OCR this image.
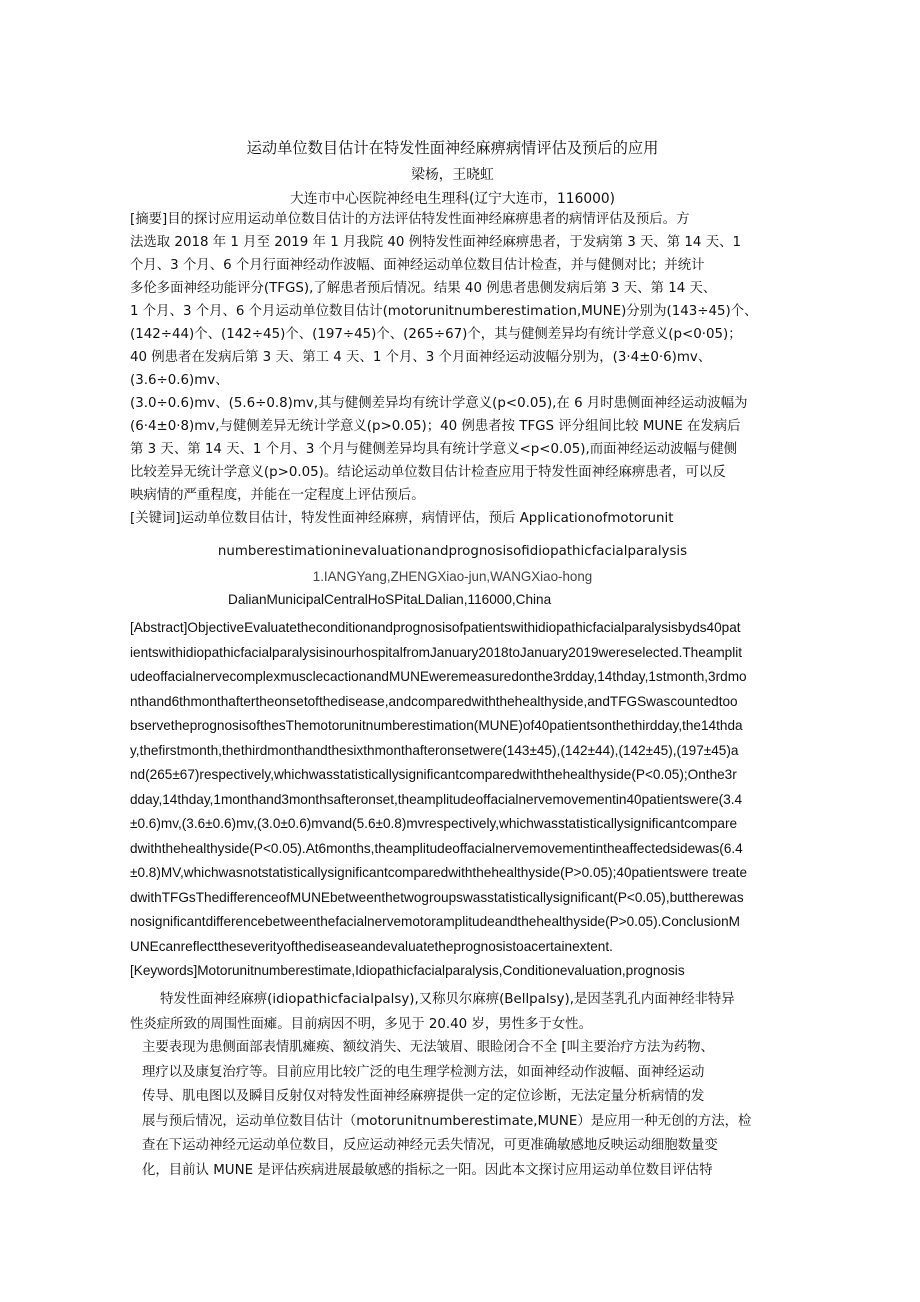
运动单位数目估计在特发性面神经麻痹病情评估及预后的应用
梁杨，王晓虹
大连市中心医院神经电生理科(辽宁大连市，116000)

[摘要]目的探讨应用运动单位数目估计的方法评估特发性面神经麻痹患者的病情评估及预后。方

法选取 2018 年 1 月至 2019 年 1 月我院 40 例特发性面神经麻痹患者，于发病第 3 天、第 14 天、1

个月、3 个月、6 个月行面神经动作波幅、面神经运动单位数目估计检查，并与健侧对比；并统计

多伦多面神经功能评分(TFGS),了解患者预后情况。结果 40 例患者患侧发病后第 3 天、第 14 天、

1 个月、3 个月、6 个月运动单位数目估计(motorunitnumberestimation,MUNE)分别为(143÷45)个、

(142÷44)个、(142÷45)个、(197÷45)个、(265÷67)个，其与健侧差异均有统计学意义(p<0·05)；

40 例患者在发病后第 3 天、第工 4 天、1 个月、3 个月面神经运动波幅分别为，(3·4±0·6)mv、

(3.6÷0.6)mv、

(3.0÷0.6)mv、(5.6÷0.8)mv,其与健侧差异均有统计学意义(p<0.05),在 6 月时患侧面神经运动波幅为

(6·4±0·8)mv,与健侧差异无统计学意义(p>0.05)；40 例患者按 TFGS 评分组间比较 MUNE 在发病后

第 3 天、第 14 天、1 个月、3 个月与健侧差异均具有统计学意义<p<0.05),而面神经运动波幅与健侧

比较差异无统计学意义(p>0.05)。结论运动单位数目估计检查应用于特发性面神经麻痹患者，可以反

映病情的严重程度，并能在一定程度上评估预后。

[关键词]运动单位数目估计，特发性面神经麻痹，病情评估，预后 Applicationofmotorunit

numberestimationinevaluationandprognosisofidiopathicfacialparalysis
1.IANGYang,ZHENGXiao-jun,WANGXiao-hong
DalianMunicipalCentralHoSPitaLDalian,116000,China

[Abstract]ObjectiveEvaluatetheconditionandprognosisofpatientswithidiopathicfacialparalysisbyds40pat

ientswithidiopathicfacialparalysisinourhospitalfromJanuary2018toJanuary2019wereselected.Theamplit

udeoffacialnervecomplexmusclecactionandMUNEweremeasuredonthe3rdday,14thday,1stmonth,3rdmo

nthand6thmonthaftertheonsetofthedisease,andcomparedwiththehealthyside,andTFGSwascountedtoo

bservetheprognosisofthesThemotorunitnumberestimation(MUNE)of40patientsonthethirdday,the14thda

y,thefirstmonth,thethirdmonthandthesixthmonthafteronsetwere(143±45),(142±44),(142±45),(197±45)a

nd(265±67)respectively,whichwasstatisticallysignificantcomparedwiththehealthyside(P<0.05);Onthe3r

dday,14thday,1monthand3monthsafteronset,theamplitudeoffacialnervemovementin40patientswere(3.4

±0.6)mv,(3.6±0.6)mv,(3.0±0.6)mvand(5.6±0.8)mvrespectively,whichwasstatisticallysignificantcompare

dwiththehealthyside(P<0.05).At6months,theamplitudeoffacialnervemovementintheaffectedsidewas(6.4

±0.8)MV,whichwasnotstatisticallysignificantcomparedwiththehealthyside(P>0.05);40patientswere treate

dwithTFGsThedifferenceofMUNEbetweenthetwogroupswasstatisticallysignificant(P<0.05),buttherewas

nosignificantdifferencebetweenthefacialnervemotoramplitudeandthehealthyside(P>0.05).ConclusionM

UNEcanreflecttheseverityofthediseaseandevaluatetheprognosistoacertainextent.

[Keywords]Motorunitnumberestimate,Idiopathicfacialparalysis,Conditionevaluation,prognosis

特发性面神经麻痹(idiopathicfacialpalsy),又称贝尔麻痹(Bellpalsy),是因茎乳孔内面神经非特异

性炎症所致的周围性面瘫。目前病因不明，多见于 20.40 岁，男性多于女性。

主要表现为患侧面部表情肌瘫痪、额纹消失、无法皱眉、眼睑闭合不全 [叫主要治疗方法为药物、

理疗以及康复治疗等。目前应用比较广泛的电生理学检测方法，如面神经动作波幅、面神经运动

传导、肌电图以及瞬目反射仅对特发性面神经麻痹提供一定的定位诊断，无法定量分析病情的发

展与预后情况，运动单位数目估计（motorunitnumberestimate,MUNE）是应用一种无创的方法，检

查在下运动神经元运动单位数目，反应运动神经元丢失情况，可更准确敏感地反映运动细胞数量变

化，目前认 MUNE 是评估疾病进展最敏感的指标之一阳。因此本文探讨应用运动单位数目评估特
